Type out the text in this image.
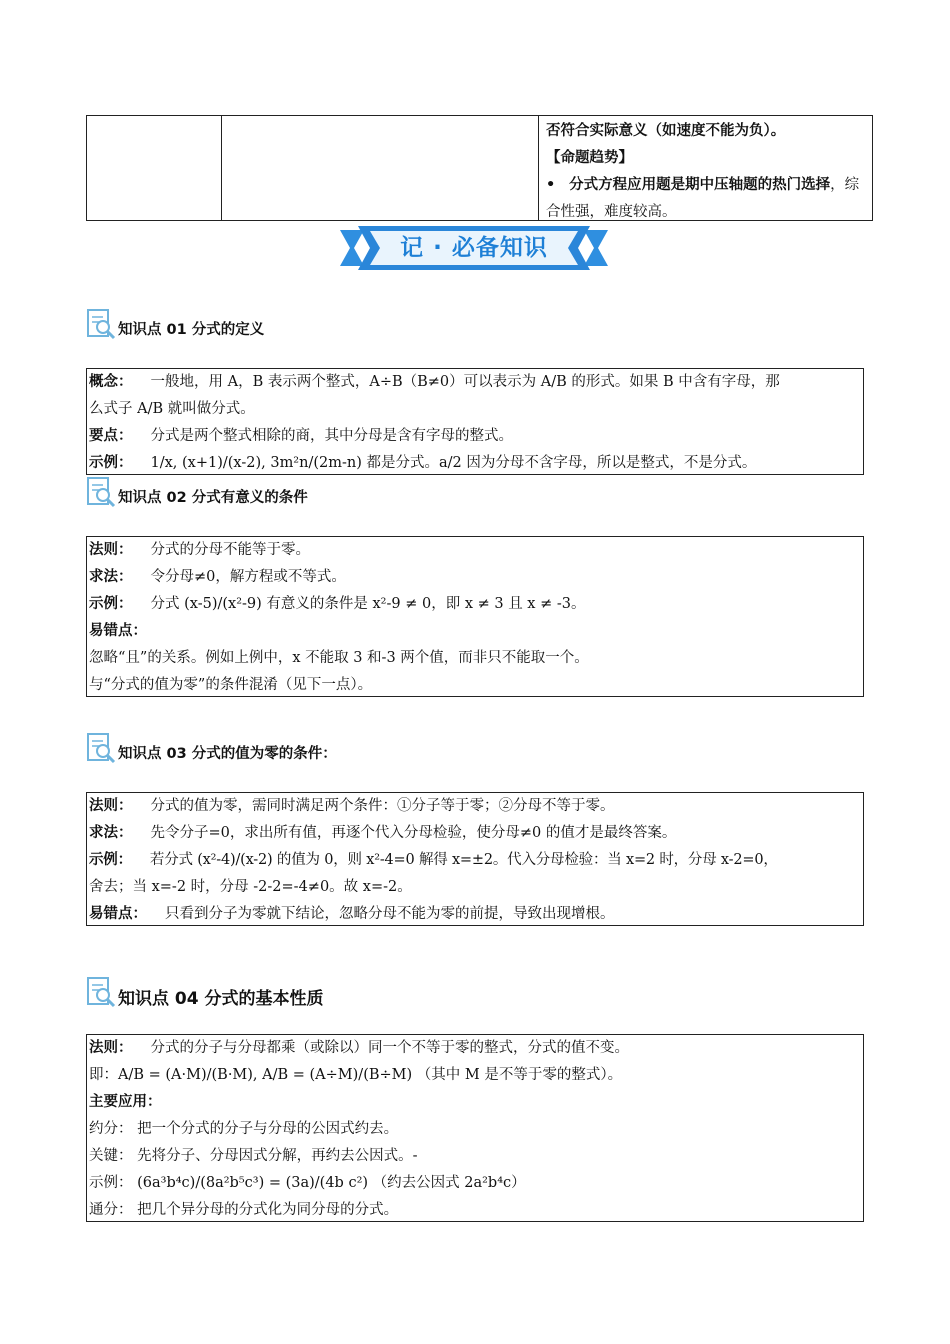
否符合实际意义（如速度不能为负）。
【命题趋势】
• 分式方程应用题是期中压轴题的热门选择，综合性强，难度较高。
记 · 必备知识
知识点 01 分式的定义
概念： 一般地，用 A，B 表示两个整式，A÷B（B≠0）可以表示为 A/B 的形式。如果 B 中含有字母，那
么式子 A/B 就叫做分式。
要点： 分式是两个整式相除的商，其中分母是含有字母的整式。
示例： 1/x, (x+1)/(x-2), 3m²n/(2m-n) 都是分式。a/2 因为分母不含字母，所以是整式，不是分式。
知识点 02 分式有意义的条件
法则： 分式的分母不能等于零。
求法： 令分母≠0，解方程或不等式。
示例： 分式 (x-5)/(x²-9) 有意义的条件是 x²-9 ≠ 0，即 x ≠ 3 且 x ≠ -3。
易错点：
忽略“且”的关系。例如上例中，x 不能取 3 和-3 两个值，而非只不能取一个。
与“分式的值为零”的条件混淆（见下一点）。
知识点 03 分式的值为零的条件：
法则： 分式的值为零，需同时满足两个条件：①分子等于零；②分母不等于零。
求法： 先令分子=0，求出所有值，再逐个代入分母检验，使分母≠0 的值才是最终答案。
示例： 若分式 (x²-4)/(x-2) 的值为 0，则 x²-4=0 解得 x=±2。代入分母检验：当 x=2 时，分母 x-2=0，
舍去；当 x=-2 时，分母 -2-2=-4≠0。故 x=-2。
易错点： 只看到分子为零就下结论，忽略分母不能为零的前提，导致出现增根。
知识点 04 分式的基本性质
法则： 分式的分子与分母都乘（或除以）同一个不等于零的整式，分式的值不变。
即：A/B = (A·M)/(B·M), A/B = (A÷M)/(B÷M) （其中 M 是不等于零的整式）。
主要应用：
约分： 把一个分式的分子与分母的公因式约去。
关键： 先将分子、分母因式分解，再约去公因式。-
示例： (6a³b⁴c)/(8a²b⁵c³) = (3a)/(4b c²) （约去公因式 2a²b⁴c）
通分： 把几个异分母的分式化为同分母的分式。
